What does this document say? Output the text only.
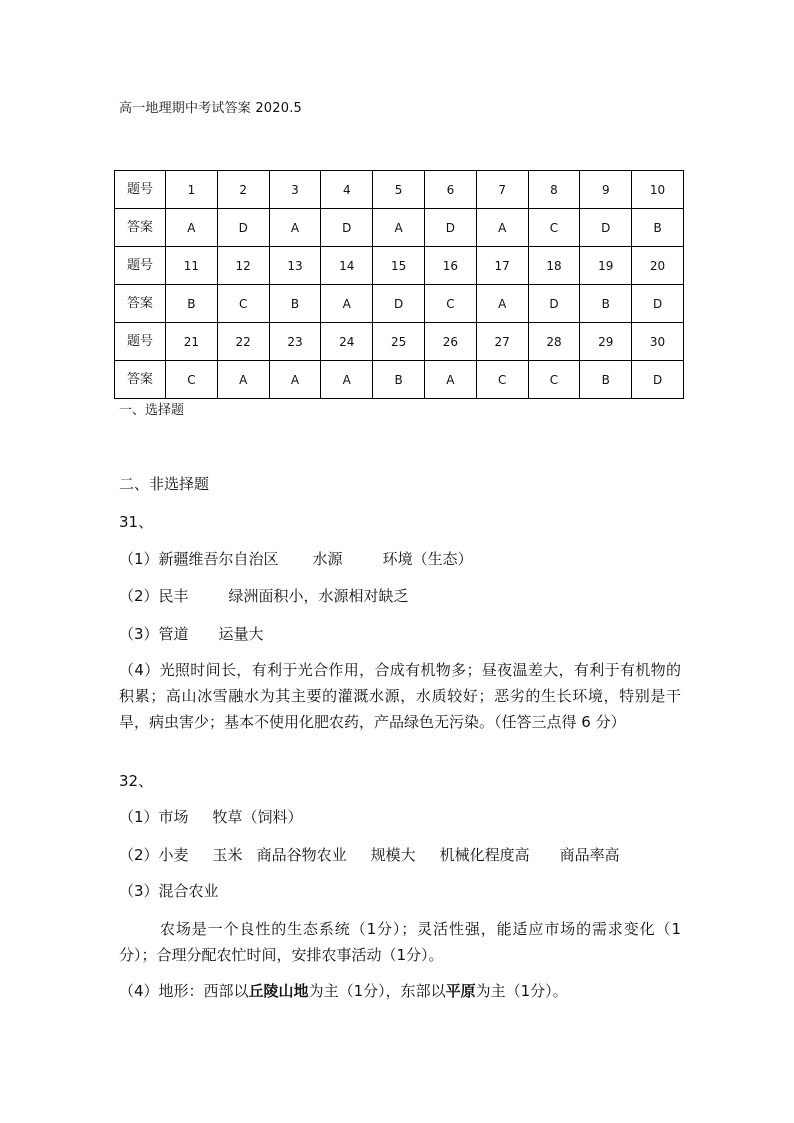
高一地理期中考试答案 2020.5
题号	1	2	3	4	5	6	7	8	9	10
答案	A	D	A	D	A	D	A	C	D	B
题号	11	12	13	14	15	16	17	18	19	20
答案	B	C	B	A	D	C	A	D	B	D
题号	21	22	23	24	25	26	27	28	29	30
答案	C	A	A	A	B	A	C	C	B	D
一、选择题
二、非选择题
31、
（1）新疆维吾尔自治区 水源	环境（生态）
（2）民丰	绿洲面积小，水源相对缺乏
（3）管道 运量大
（4）光照时间长，有利于光合作用，合成有机物多；昼夜温差大，有利于有机物的积累；高山冰雪融水为其主要的灌溉水源，水质较好；恶劣的生长环境，特别是干旱，病虫害少；基本不使用化肥农药，产品绿色无污染。（任答三点得 6 分）
32、
（1）市场 牧草（饲料）
（2）小麦 玉米 商品谷物农业 规模大 机械化程度高 商品率高
（3）混合农业
农场是一个良性的生态系统（1分）；灵活性强，能适应市场的需求变化（1分）；合理分配农忙时间，安排农事活动（1分）。
（4）地形：西部以丘陵山地为主（1分），东部以平原为主（1分）。
